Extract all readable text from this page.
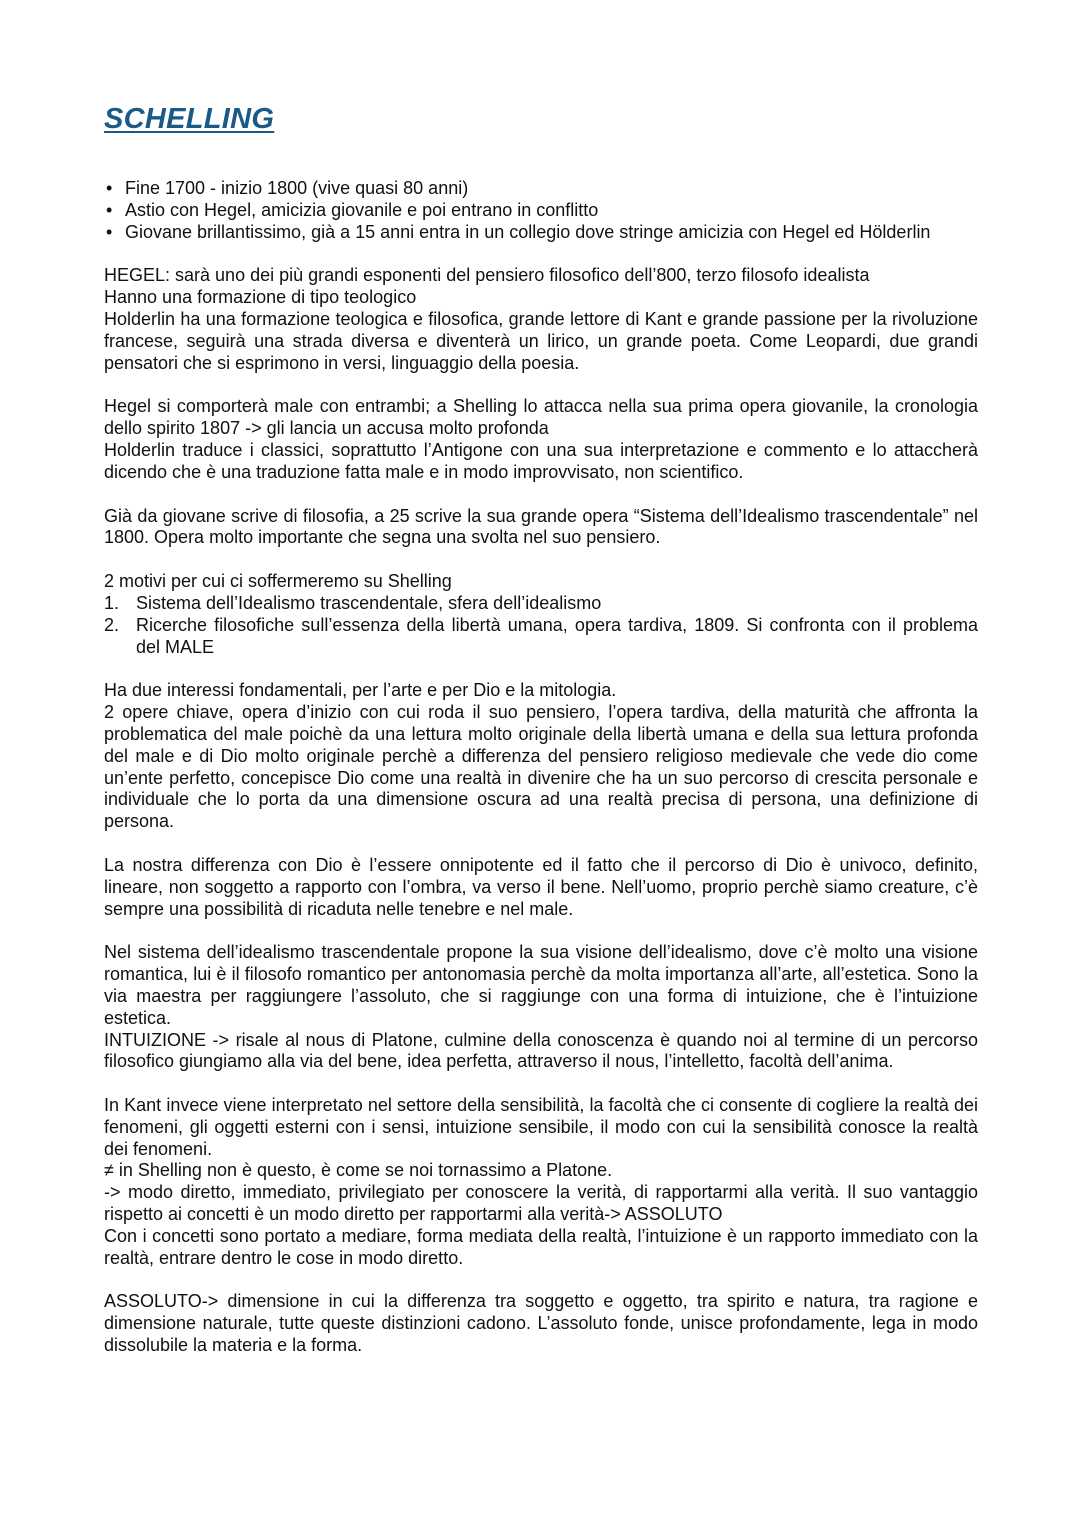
SCHELLING
• Fine 1700 - inizio 1800 (vive quasi 80 anni)
• Astio con Hegel, amicizia giovanile e poi entrano in conflitto
• Giovane brillantissimo, già a 15 anni entra in un collegio dove stringe amicizia con Hegel ed Hölderlin

HEGEL: sarà uno dei più grandi esponenti del pensiero filosofico dell’800, terzo filosofo idealista

Hanno una formazione di tipo teologico

Holderlin ha una formazione teologica e filosofica, grande lettore di Kant e grande passione per la rivoluzione francese, seguirà una strada diversa e diventerà un lirico, un grande poeta. Come Leopardi, due grandi pensatori che si esprimono in versi, linguaggio della poesia.

Hegel si comporterà male con entrambi; a Shelling lo attacca nella sua prima opera giovanile, la cronologia dello spirito 1807 -> gli lancia un accusa molto profonda

Holderlin traduce i classici, soprattutto l’Antigone con una sua interpretazione e commento e lo attaccherà dicendo che è una traduzione fatta male e in modo improvvisato, non scientifico.

Già da giovane scrive di filosofia, a 25 scrive la sua grande opera “Sistema dell’Idealismo trascendentale” nel 1800. Opera molto importante che segna una svolta nel suo pensiero.

2 motivi per cui ci soffermeremo su Shelling

1. Sistema dell’Idealismo trascendentale, sfera dell’idealismo
2. Ricerche filosofiche sull’essenza della libertà umana, opera tardiva, 1809. Si confronta con il problema del MALE

Ha due interessi fondamentali, per l’arte e per Dio e la mitologia.

2 opere chiave, opera d’inizio con cui roda il suo pensiero, l’opera tardiva, della maturità che affronta la problematica del male poichè da una lettura molto originale della libertà umana e della sua lettura profonda del male e di Dio molto originale perchè a differenza del pensiero religioso medievale che vede dio come un’ente perfetto, concepisce Dio come una realtà in divenire che ha un suo percorso di crescita personale e individuale che lo porta da una dimensione oscura ad una realtà precisa di persona, una definizione di persona.

La nostra differenza con Dio è l’essere onnipotente ed il fatto che il percorso di Dio è univoco, definito, lineare, non soggetto a rapporto con l’ombra, va verso il bene. Nell’uomo, proprio perchè siamo creature, c’è sempre una possibilità di ricaduta nelle tenebre e nel male.

Nel sistema dell’idealismo trascendentale propone la sua visione dell’idealismo, dove c’è molto una visione romantica, lui è il filosofo romantico per antonomasia perchè da molta importanza all’arte, all’estetica. Sono la via maestra per raggiungere l’assoluto, che si raggiunge con una forma di intuizione, che è l’intuizione estetica.

INTUIZIONE -> risale al nous di Platone, culmine della conoscenza è quando noi al termine di un percorso filosofico giungiamo alla via del bene, idea perfetta, attraverso il nous, l’intelletto, facoltà dell’anima.

In Kant invece viene interpretato nel settore della sensibilità, la facoltà che ci consente di cogliere la realtà dei fenomeni, gli oggetti esterni con i sensi, intuizione sensibile, il modo con cui la sensibilità conosce la realtà dei fenomeni.

≠ in Shelling non è questo, è come se noi tornassimo a Platone.

-> modo diretto, immediato, privilegiato per conoscere la verità, di rapportarmi alla verità. Il suo vantaggio rispetto ai concetti è un modo diretto per rapportarmi alla verità-> ASSOLUTO

Con i concetti sono portato a mediare, forma mediata della realtà, l’intuizione è un rapporto immediato con la realtà, entrare dentro le cose in modo diretto.

ASSOLUTO-> dimensione in cui la differenza tra soggetto e oggetto, tra spirito e natura, tra ragione e dimensione naturale, tutte queste distinzioni cadono. L’assoluto fonde, unisce profondamente, lega in modo dissolubile la materia e la forma.
